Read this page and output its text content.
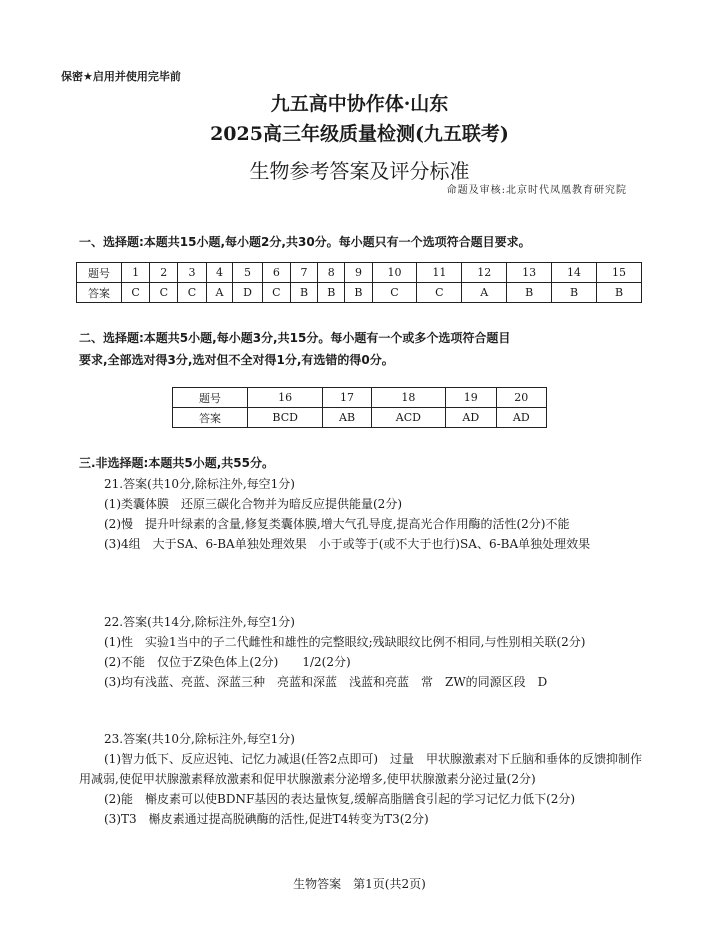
保密★启用并使用完毕前
九五高中协作体·山东
2025高三年级质量检测(九五联考)
生物参考答案及评分标准
命题及审核:北京时代凤凰教育研究院
一、选择题:本题共15小题,每小题2分,共30分。每小题只有一个选项符合题目要求。
题号	1	2	3	4	5	6	7	8	9	10	11	12	13	14	15
答案	C	C	C	A	D	C	B	B	B	C	C	A	B	B	B
二、选择题:本题共5小题,每小题3分,共15分。每小题有一个或多个选项符合题目
要求,全部选对得3分,选对但不全对得1分,有选错的得0分。
题号	16	17	18	19	20
答案	BCD	AB	ACD	AD	AD
三.非选择题:本题共5小题,共55分。
21.答案(共10分,除标注外,每空1分)
(1)类囊体膜　还原三碳化合物并为暗反应提供能量(2分)
(2)慢　提升叶绿素的含量,修复类囊体膜,增大气孔导度,提高光合作用酶的活性(2分)不能
(3)4组　大于SA、6-BA单独处理效果　小于或等于(或不大于也行)SA、6-BA单独处理效果
22.答案(共14分,除标注外,每空1分)
(1)性　实验1当中的子二代雌性和雄性的完整眼纹;残缺眼纹比例不相同,与性别相关联(2分)
(2)不能　仅位于Z染色体上(2分)　　1/2(2分)
(3)均有浅蓝、亮蓝、深蓝三种　亮蓝和深蓝　浅蓝和亮蓝　常　ZW的同源区段　D
23.答案(共10分,除标注外,每空1分)
(1)智力低下、反应迟钝、记忆力减退(任答2点即可)　过量　甲状腺激素对下丘脑和垂体的反馈抑制作用减弱,使促甲状腺激素释放激素和促甲状腺激素分泌增多,使甲状腺激素分泌过量(2分)
(2)能　槲皮素可以使BDNF基因的表达量恢复,缓解高脂膳食引起的学习记忆力低下(2分)
(3)T3　槲皮素通过提高脱碘酶的活性,促进T4转变为T3(2分)
生物答案　第1页(共2页)
